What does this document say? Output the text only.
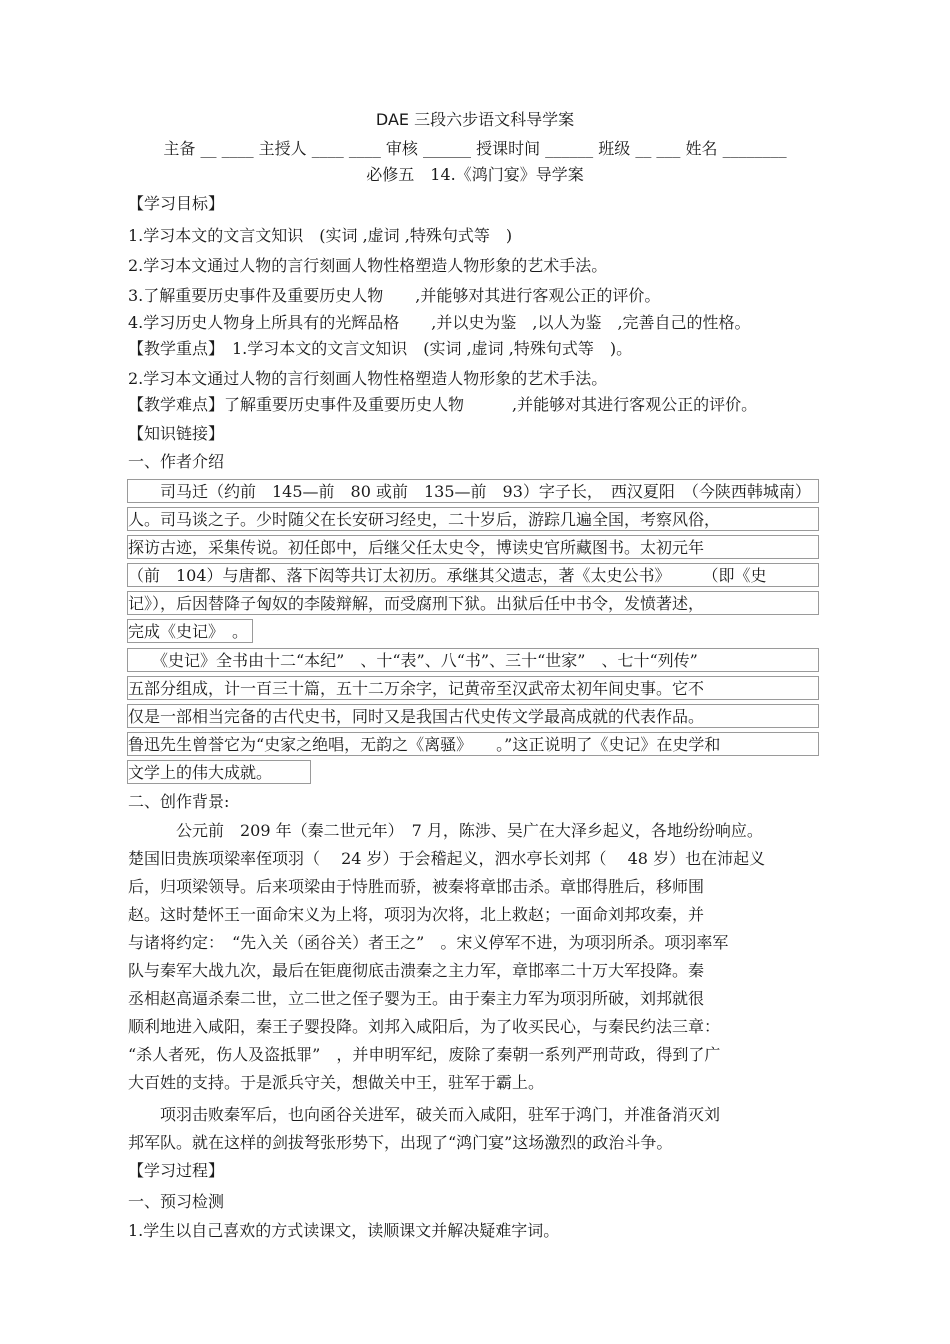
DAE 三段六步语文科导学案
主备 __ ____ 主授人 ____ ____ 审核 ______ 授课时间 ______ 班级 __ ___ 姓名 ________
必修五　14.《鸿门宴》导学案
【学习目标】
1.学习本文的文言文知识　(实词 ,虚词 ,特殊句式等　)
2.学习本文通过人物的言行刻画人物性格塑造人物形象的艺术手法。
3.了解重要历史事件及重要历史人物　　,并能够对其进行客观公正的评价。
4.学习历史人物身上所具有的光辉品格　　,并以史为鉴　,以人为鉴　,完善自己的性格。
【教学重点】　1.学习本文的文言文知识　(实词 ,虚词 ,特殊句式等　)。
2.学习本文通过人物的言行刻画人物性格塑造人物形象的艺术手法。
【教学难点】了解重要历史事件及重要历史人物　　　,并能够对其进行客观公正的评价。
【知识链接】
一、作者介绍
　　司马迁（约前　145—前　80 或前　135—前　93）字子长，　西汉夏阳　（今陕西韩城南）
人。司马谈之子。少时随父在长安研习经史，二十岁后，游踪几遍全国，考察风俗，
探访古迹，采集传说。初任郎中，后继父任太史令，博读史官所藏图书。太初元年
（前　104）与唐都、落下闳等共订太初历。承继其父遗志，著《太史公书》　　　（即《史
记》），后因替降子匈奴的李陵辩解，而受腐刑下狱。出狱后任中书令，发愤著述，
完成《史记》　。
　　《史记》全书由十二“本纪”　、十“表”、八“书”、三十“世家”　、七十“列传”
五部分组成，计一百三十篇，五十二万余字，记黄帝至汉武帝太初年间史事。它不
仅是一部相当完备的古代史书，同时又是我国古代史传文学最高成就的代表作品。
鲁迅先生曾誉它为“史家之绝唱，无韵之《离骚》　　。”这正说明了《史记》在史学和
文学上的伟大成就。
二、创作背景:
　　　公元前　209 年（秦二世元年）　7 月，陈涉、吴广在大泽乡起义，各地纷纷响应。
楚国旧贵族项梁率侄项羽（　 24 岁）于会稽起义，泗水亭长刘邦（　 48 岁）也在沛起义
后，归项梁领导。后来项梁由于恃胜而骄，被秦将章邯击杀。章邯得胜后，移师围
赵。这时楚怀王一面命宋义为上将，项羽为次将，北上救赵；一面命刘邦攻秦，并
与诸将约定：　“先入关（函谷关）者王之”　。宋义停军不进，为项羽所杀。项羽率军
队与秦军大战九次，最后在钜鹿彻底击溃秦之主力军，章邯率二十万大军投降。秦
丞相赵高逼杀秦二世，立二世之侄子婴为王。由于秦主力军为项羽所破，刘邦就很
顺利地进入咸阳，秦王子婴投降。刘邦入咸阳后，为了收买民心，与秦民约法三章：
“杀人者死，伤人及盗抵罪”　，并申明军纪，废除了秦朝一系列严刑苛政，得到了广
大百姓的支持。于是派兵守关，想做关中王，驻军于霸上。
　　项羽击败秦军后，也向函谷关进军，破关而入咸阳，驻军于鸿门，并准备消灭刘
邦军队。就在这样的剑拔弩张形势下，出现了“鸿门宴”这场激烈的政治斗争。
【学习过程】
一、预习检测
1.学生以自己喜欢的方式读课文，读顺课文并解决疑难字词。
